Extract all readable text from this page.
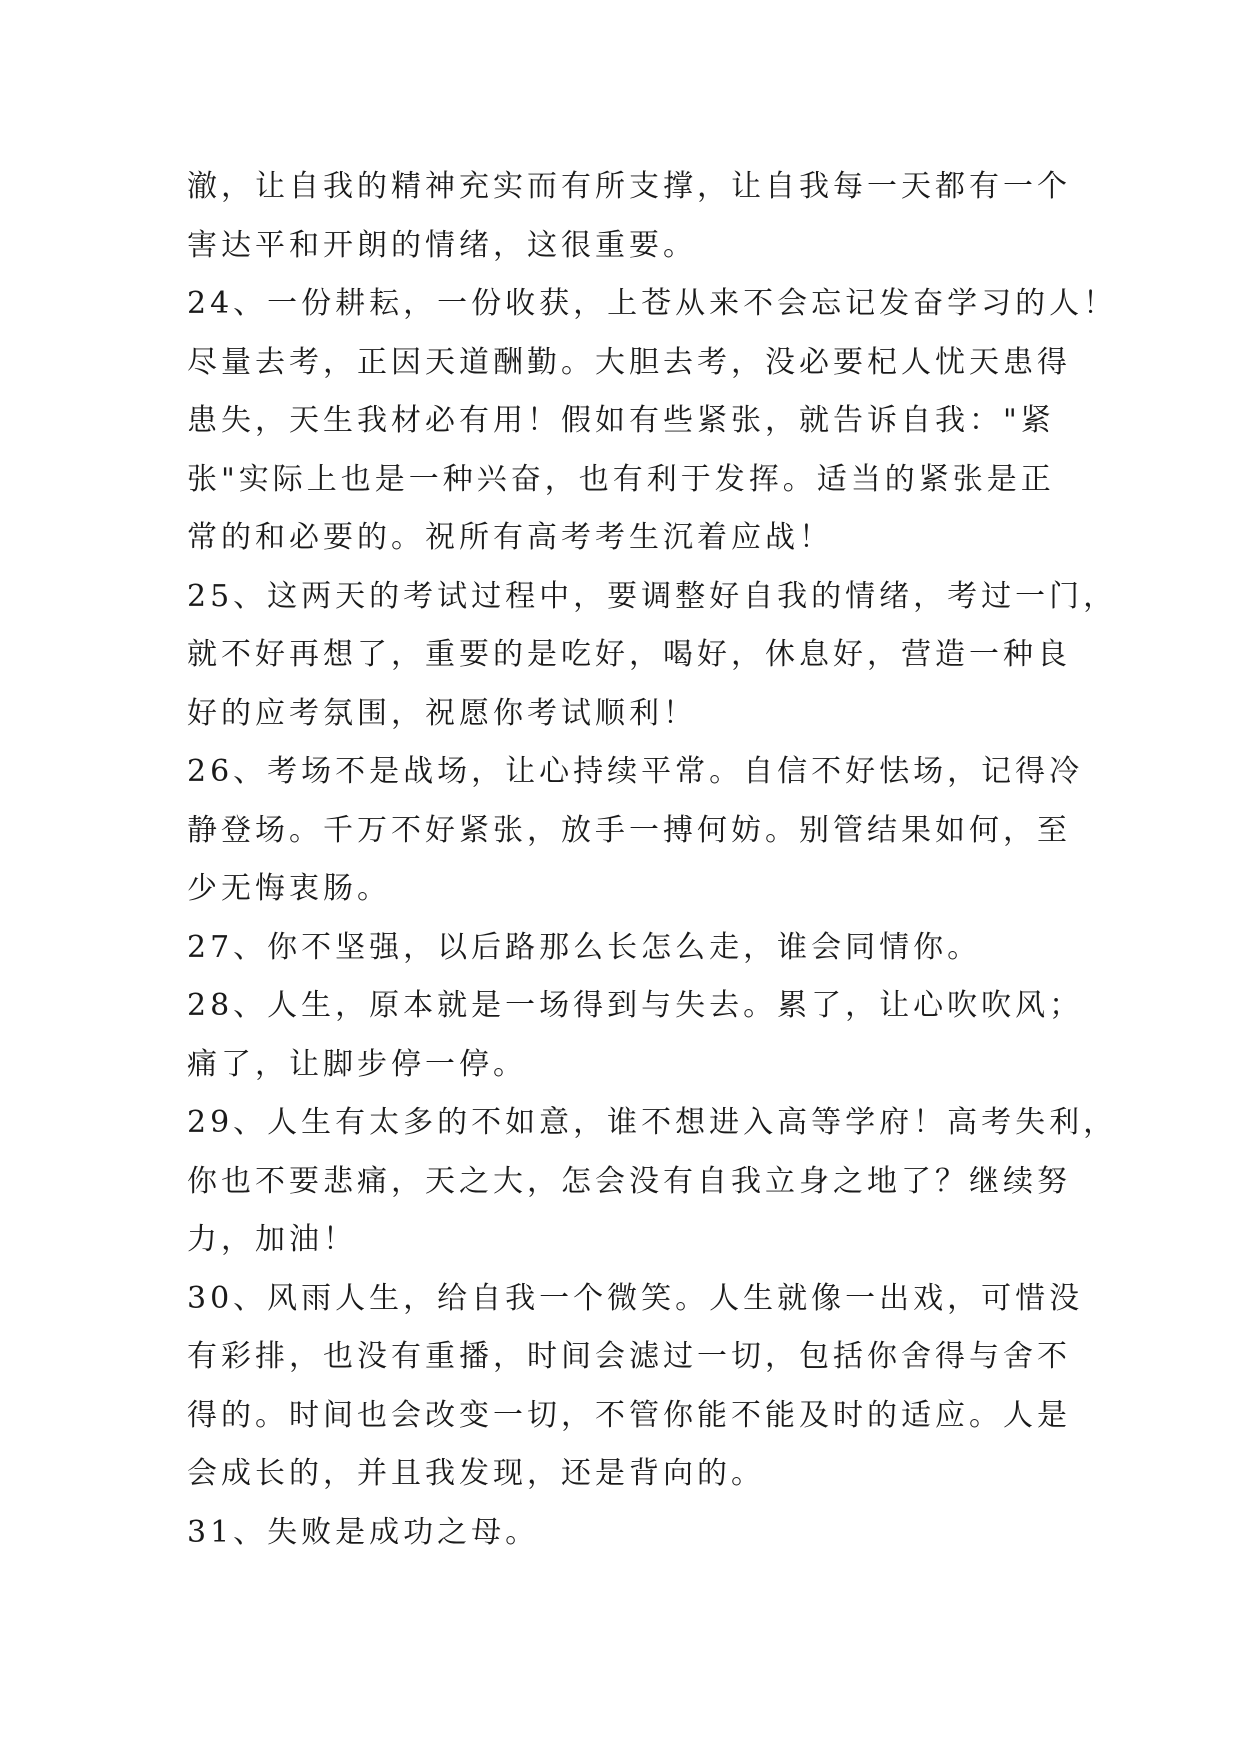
澈，让自我的精神充实而有所支撑，让自我每一天都有一个
害达平和开朗的情绪，这很重要。
24、一份耕耘，一份收获，上苍从来不会忘记发奋学习的人！
尽量去考，正因天道酬勤。大胆去考，没必要杞人忧天患得
患失，天生我材必有用！假如有些紧张，就告诉自我："紧
张"实际上也是一种兴奋，也有利于发挥。适当的紧张是正
常的和必要的。祝所有高考考生沉着应战！
25、这两天的考试过程中，要调整好自我的情绪，考过一门，
就不好再想了，重要的是吃好，喝好，休息好，营造一种良
好的应考氛围，祝愿你考试顺利！
26、考场不是战场，让心持续平常。自信不好怯场，记得冷
静登场。千万不好紧张，放手一搏何妨。别管结果如何，至
少无悔衷肠。
27、你不坚强，以后路那么长怎么走，谁会同情你。
28、人生，原本就是一场得到与失去。累了，让心吹吹风；
痛了，让脚步停一停。
29、人生有太多的不如意，谁不想进入高等学府！高考失利，
你也不要悲痛，天之大，怎会没有自我立身之地了？继续努
力，加油！
30、风雨人生，给自我一个微笑。人生就像一出戏，可惜没
有彩排，也没有重播，时间会滤过一切，包括你舍得与舍不
得的。时间也会改变一切，不管你能不能及时的适应。人是
会成长的，并且我发现，还是背向的。
31、失败是成功之母。
